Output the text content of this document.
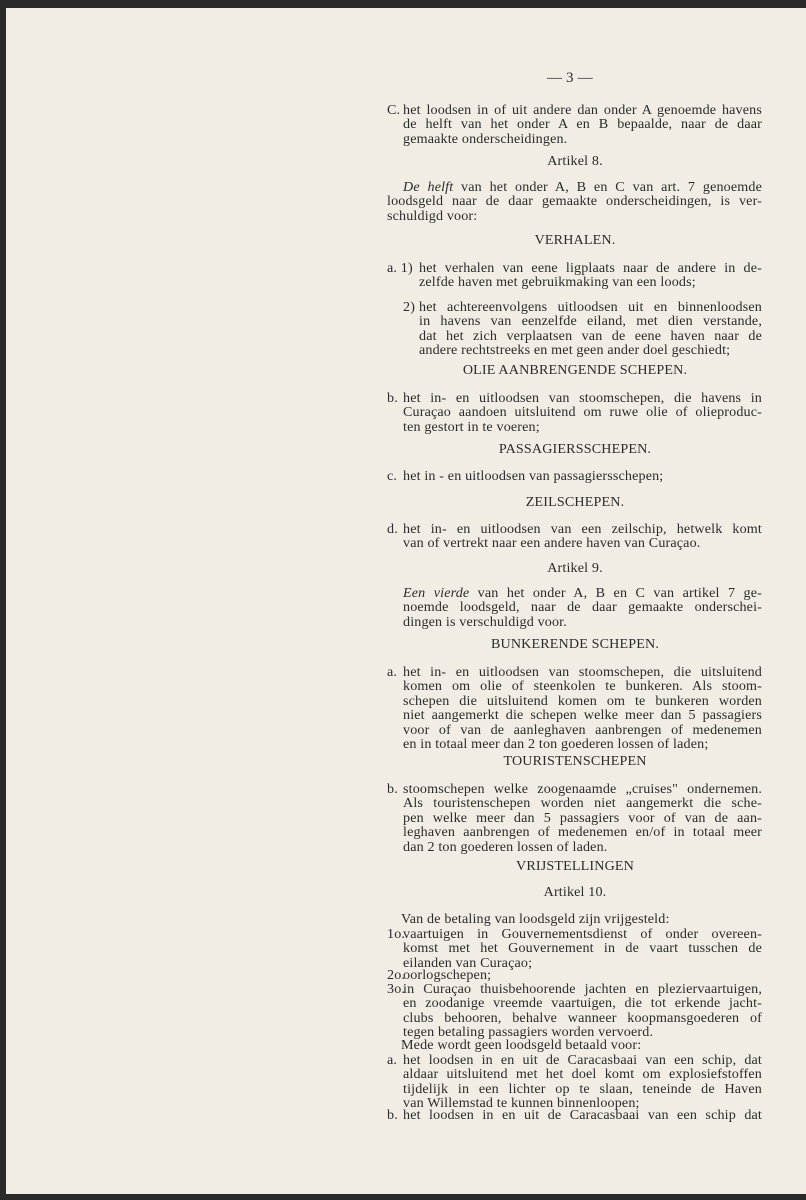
— 3 —
C. het loodsen in of uit andere dan onder A genoemde havens
de helft van het onder A en B bepaalde, naar de daar
gemaakte onderscheidingen.
Artikel 8.
De helft van het onder A, B en C van art. 7 genoemde
loodsgeld naar de daar gemaakte onderscheidingen, is ver-
schuldigd voor:
VERHALEN.
a. 1) het verhalen van eene ligplaats naar de andere in de-
zelfde haven met gebruikmaking van een loods;
2) het achtereenvolgens uitloodsen uit en binnenloodsen
in havens van eenzelfde eiland, met dien verstande,
dat het zich verplaatsen van de eene haven naar de
andere rechtstreeks en met geen ander doel geschiedt;
OLIE AANBRENGENDE SCHEPEN.
b. het in- en uitloodsen van stoomschepen, die havens in
Curaçao aandoen uitsluitend om ruwe olie of olieproduc-
ten gestort in te voeren;
PASSAGIERSSCHEPEN.
c. het in - en uitloodsen van passagiersschepen;
ZEILSCHEPEN.
d. het in- en uitloodsen van een zeilschip, hetwelk komt
van of vertrekt naar een andere haven van Curaçao.
Artikel 9.
Een vierde van het onder A, B en C van artikel 7 ge-
noemde loodsgeld, naar de daar gemaakte onderschei-
dingen is verschuldigd voor.
BUNKERENDE SCHEPEN.
a. het in- en uitloodsen van stoomschepen, die uitsluitend
komen om olie of steenkolen te bunkeren. Als stoom-
schepen die uitsluitend komen om te bunkeren worden
niet aangemerkt die schepen welke meer dan 5 passagiers
voor of van de aanleghaven aanbrengen of medenemen
en in totaal meer dan 2 ton goederen lossen of laden;
TOURISTENSCHEPEN
b. stoomschepen welke zoogenaamde „cruises" ondernemen.
Als touristenschepen worden niet aangemerkt die sche-
pen welke meer dan 5 passagiers voor of van de aan-
leghaven aanbrengen of medenemen en/of in totaal meer
dan 2 ton goederen lossen of laden.
VRIJSTELLINGEN
Artikel 10.
Van de betaling van loodsgeld zijn vrijgesteld:
1o.
vaartuigen in Gouvernementsdienst of onder overeen-
komst met het Gouvernement in de vaart tusschen de
eilanden van Curaçao;
2o.
oorlogschepen;
3o.
in Curaçao thuisbehoorende jachten en pleziervaartuigen,
en zoodanige vreemde vaartuigen, die tot erkende jacht-
clubs behooren, behalve wanneer koopmansgoederen of
tegen betaling passagiers worden vervoerd.
Mede wordt geen loodsgeld betaald voor:
a. het loodsen in en uit de Caracasbaai van een schip, dat
aldaar uitsluitend met het doel komt om explosiefstoffen
tijdelijk in een lichter op te slaan, teneinde de Haven
van Willemstad te kunnen binnenloopen;
b. het loodsen in en uit de Caracasbaai van een schip dat
